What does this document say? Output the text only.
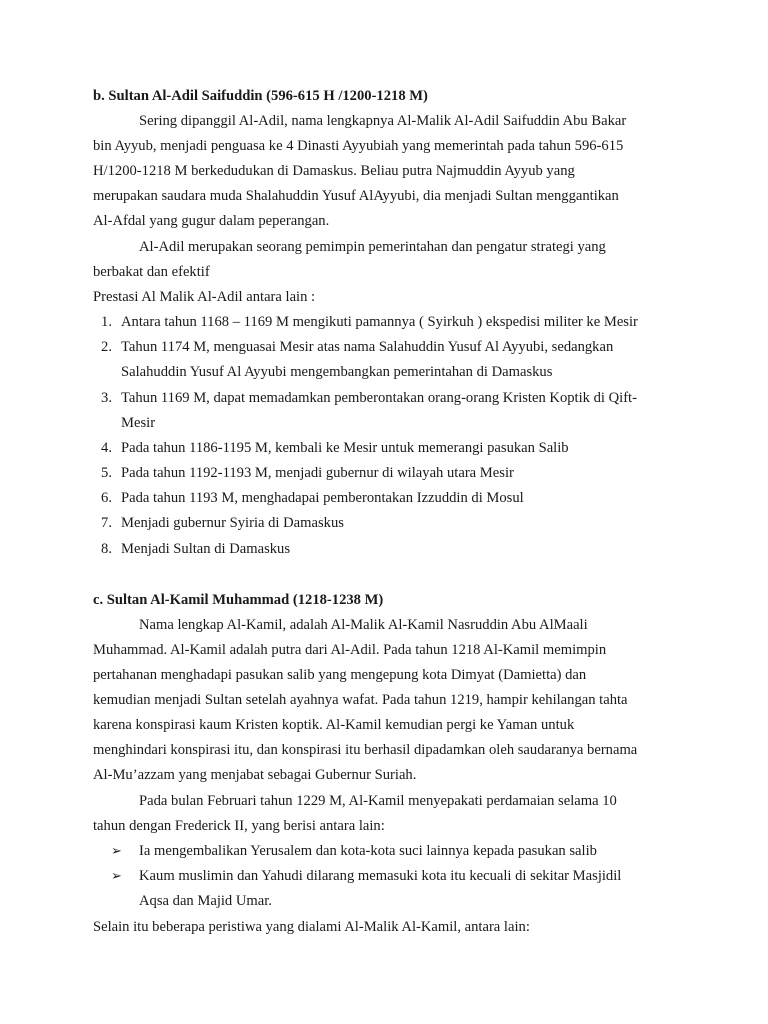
b. Sultan Al-Adil Saifuddin (596-615 H /1200-1218 M)
Sering dipanggil Al-Adil, nama lengkapnya Al-Malik Al-Adil Saifuddin Abu Bakar
bin Ayyub, menjadi penguasa ke 4 Dinasti Ayyubiah yang memerintah pada tahun 596-615
H/1200-1218 M berkedudukan di Damaskus. Beliau putra Najmuddin Ayyub yang
merupakan saudara muda Shalahuddin Yusuf AlAyyubi, dia menjadi Sultan menggantikan
Al-Afdal yang gugur dalam peperangan.
Al-Adil merupakan seorang pemimpin pemerintahan dan pengatur strategi yang
berbakat dan efektif
Prestasi Al Malik Al-Adil antara lain :
1. Antara tahun 1168 – 1169 M mengikuti pamannya ( Syirkuh ) ekspedisi militer ke Mesir
2. Tahun 1174 M, menguasai Mesir atas nama Salahuddin Yusuf Al Ayyubi, sedangkan
Salahuddin Yusuf Al Ayyubi mengembangkan pemerintahan di Damaskus
3. Tahun 1169 M, dapat memadamkan pemberontakan orang-orang Kristen Koptik di Qift-
Mesir
4. Pada tahun 1186-1195 M, kembali ke Mesir untuk memerangi pasukan Salib
5. Pada tahun 1192-1193 M, menjadi gubernur di wilayah utara Mesir
6. Pada tahun 1193 M, menghadapai pemberontakan Izzuddin di Mosul
7. Menjadi gubernur Syiria di Damaskus
8. Menjadi Sultan di Damaskus
c. Sultan Al-Kamil Muhammad (1218-1238 M)
Nama lengkap Al-Kamil, adalah Al-Malik Al-Kamil Nasruddin Abu AlMaali
Muhammad. Al-Kamil adalah putra dari Al-Adil. Pada tahun 1218 Al-Kamil memimpin
pertahanan menghadapi pasukan salib yang mengepung kota Dimyat (Damietta) dan
kemudian menjadi Sultan setelah ayahnya wafat. Pada tahun 1219, hampir kehilangan tahta
karena konspirasi kaum Kristen koptik. Al-Kamil kemudian pergi ke Yaman untuk
menghindari konspirasi itu, dan konspirasi itu berhasil dipadamkan oleh saudaranya bernama
Al-Mu’azzam yang menjabat sebagai Gubernur Suriah.
Pada bulan Februari tahun 1229 M, Al-Kamil menyepakati perdamaian selama 10
tahun dengan Frederick II, yang berisi antara lain:
➢ Ia mengembalikan Yerusalem dan kota-kota suci lainnya kepada pasukan salib
➢ Kaum muslimin dan Yahudi dilarang memasuki kota itu kecuali di sekitar Masjidil
Aqsa dan Majid Umar.
Selain itu beberapa peristiwa yang dialami Al-Malik Al-Kamil, antara lain:
